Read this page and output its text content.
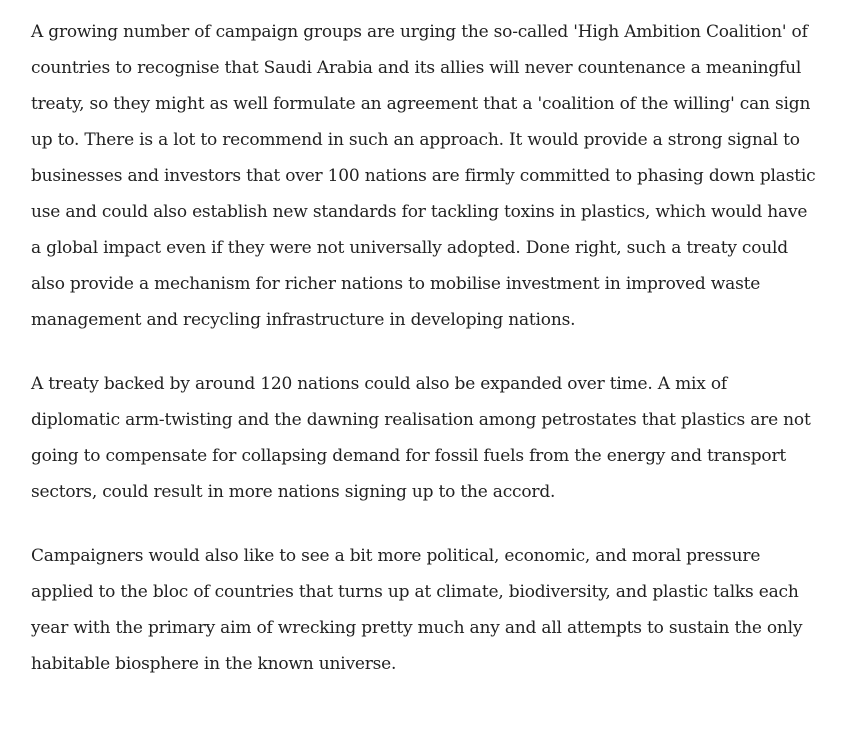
A growing number of campaign groups are urging the so-called 'High Ambition Coalition' of countries to recognise that Saudi Arabia and its allies will never countenance a meaningful treaty, so they might as well formulate an agreement that a 'coalition of the willing' can sign up to. There is a lot to recommend in such an approach. It would provide a strong signal to businesses and investors that over 100 nations are firmly committed to phasing down plastic use and could also establish new standards for tackling toxins in plastics, which would have a global impact even if they were not universally adopted. Done right, such a treaty could also provide a mechanism for richer nations to mobilise investment in improved waste management and recycling infrastructure in developing nations.

A treaty backed by around 120 nations could also be expanded over time. A mix of diplomatic arm-twisting and the dawning realisation among petrostates that plastics are not going to compensate for collapsing demand for fossil fuels from the energy and transport sectors, could result in more nations signing up to the accord.

Campaigners would also like to see a bit more political, economic, and moral pressure applied to the bloc of countries that turns up at climate, biodiversity, and plastic talks each year with the primary aim of wrecking pretty much any and all attempts to sustain the only habitable biosphere in the known universe.
